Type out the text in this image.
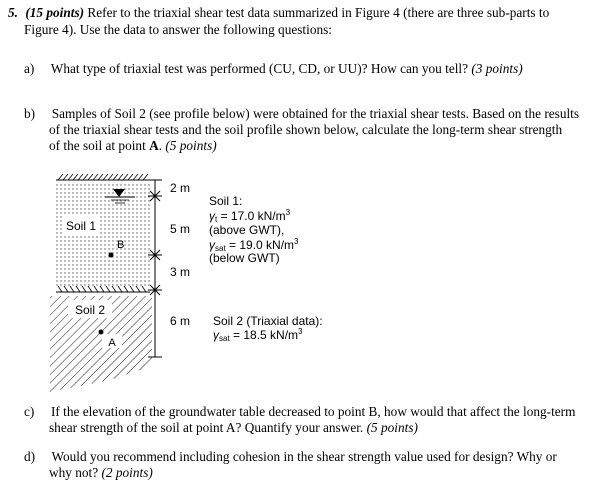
5. (15 points) Refer to the triaxial shear test data summarized in Figure 4 (there are three sub-parts to
Figure 4). Use the data to answer the following questions:
a) What type of triaxial test was performed (CU, CD, or UU)? How can you tell? (3 points)
b) Samples of Soil 2 (see profile below) were obtained for the triaxial shear tests. Based on the results
of the triaxial shear tests and the soil profile shown below, calculate the long-term shear strength
of the soil at point A. (5 points)
Soil 1
B
Soil 2
A
2 m
5 m
3 m
6 m
Soil 1:
γt = 17.0 $kN/m^3$
(above GWT),
γsat = 19.0 $kN/m^3$
(below GWT)
Soil 2 (Triaxial data):
γsat = 18.5 $kN/m^3$
c) If the elevation of the groundwater table decreased to point B, how would that affect the long-term
shear strength of the soil at point A? Quantify your answer. (5 points)
d) Would you recommend including cohesion in the shear strength value used for design? Why or
why not? (2 points)
